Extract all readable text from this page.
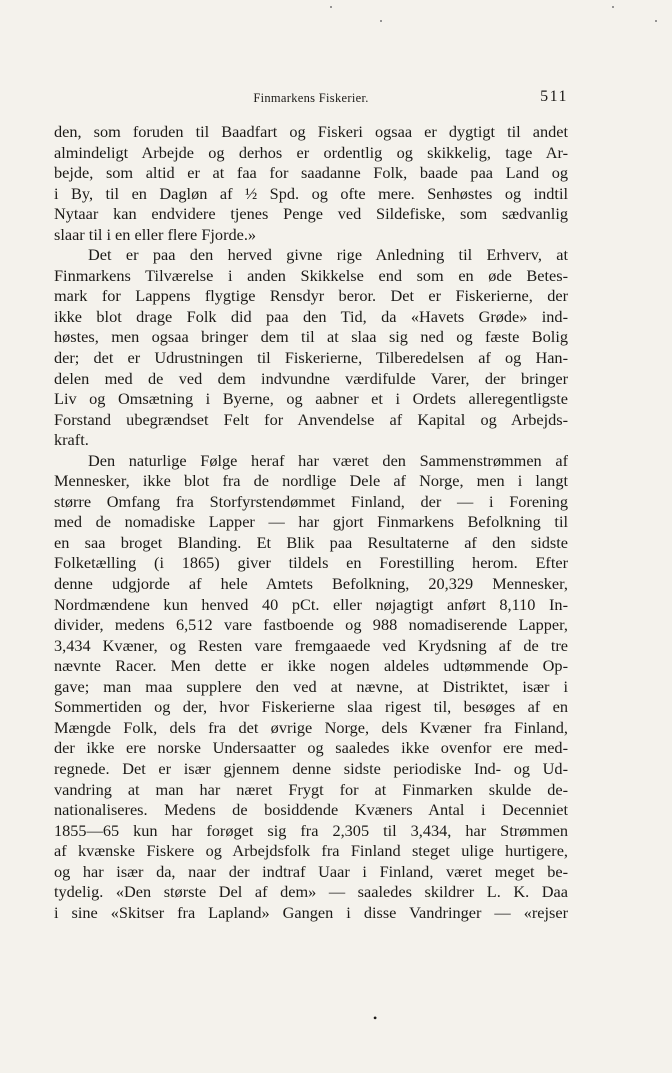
Finmarkens Fiskerier.	511
den, som foruden til Baadfart og Fiskeri ogsaa er dygtigt til andet
almindeligt Arbejde og derhos er ordentlig og skikkelig, tage Ar-
bejde, som altid er at faa for saadanne Folk, baade paa Land og
i By, til en Dagløn af ½ Spd. og ofte mere. Senhøstes og indtil
Nytaar kan endvidere tjenes Penge ved Sildefiske, som sædvanlig
slaar til i en eller flere Fjorde.»
Det er paa den herved givne rige Anledning til Erhverv, at
Finmarkens Tilværelse i anden Skikkelse end som en øde Betes-
mark for Lappens flygtige Rensdyr beror. Det er Fiskerierne, der
ikke blot drage Folk did paa den Tid, da «Havets Grøde» ind-
høstes, men ogsaa bringer dem til at slaa sig ned og fæste Bolig
der; det er Udrustningen til Fiskerierne, Tilberedelsen af og Han-
delen med de ved dem indvundne værdifulde Varer, der bringer
Liv og Omsætning i Byerne, og aabner et i Ordets alleregentligste
Forstand ubegrændset Felt for Anvendelse af Kapital og Arbejds-
kraft.
Den naturlige Følge heraf har været den Sammenstrømmen af
Mennesker, ikke blot fra de nordlige Dele af Norge, men i langt
større Omfang fra Storfyrstendømmet Finland, der — i Forening
med de nomadiske Lapper — har gjort Finmarkens Befolkning til
en saa broget Blanding. Et Blik paa Resultaterne af den sidste
Folketælling (i 1865) giver tildels en Forestilling herom. Efter
denne udgjorde af hele Amtets Befolkning, 20,329 Mennesker,
Nordmændene kun henved 40 pCt. eller nøjagtigt anført 8,110 In-
divider, medens 6,512 vare fastboende og 988 nomadiserende Lapper,
3,434 Kvæner, og Resten vare fremgaaede ved Krydsning af de tre
nævnte Racer. Men dette er ikke nogen aldeles udtømmende Op-
gave; man maa supplere den ved at nævne, at Distriktet, især i
Sommertiden og der, hvor Fiskerierne slaa rigest til, besøges af en
Mængde Folk, dels fra det øvrige Norge, dels Kvæner fra Finland,
der ikke ere norske Undersaatter og saaledes ikke ovenfor ere med-
regnede. Det er især gjennem denne sidste periodiske Ind- og Ud-
vandring at man har næret Frygt for at Finmarken skulde de-
nationaliseres. Medens de bosiddende Kvæners Antal i Decenniet
1855—65 kun har forøget sig fra 2,305 til 3,434, har Strømmen
af kvænske Fiskere og Arbejdsfolk fra Finland steget ulige hurtigere,
og har især da, naar der indtraf Uaar i Finland, været meget be-
tydelig. «Den største Del af dem» — saaledes skildrer L. K. Daa
i sine «Skitser fra Lapland» Gangen i disse Vandringer — «rejser
•
